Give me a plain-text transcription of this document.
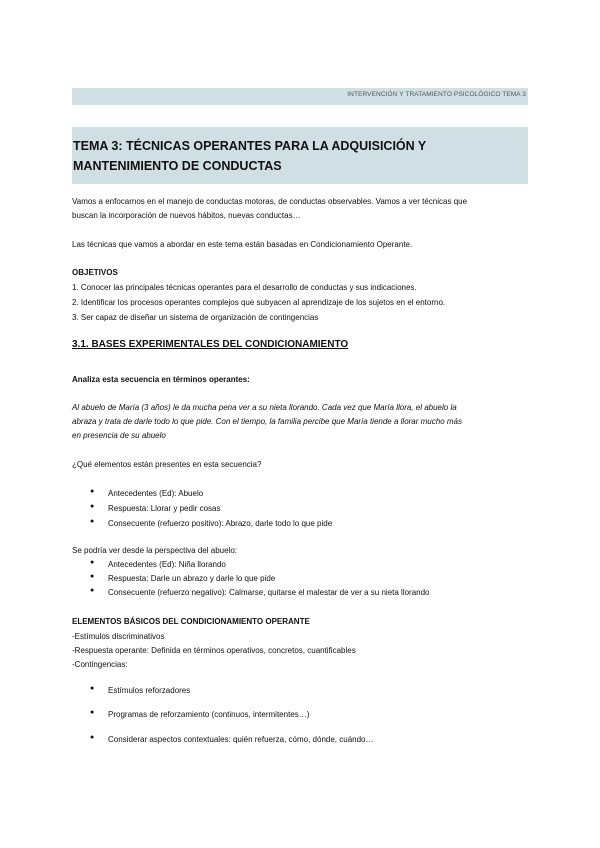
INTERVENCIÓN Y TRATAMIENTO PSICOLÓGICO TEMA 3
TEMA 3: TÉCNICAS OPERANTES PARA LA ADQUISICIÓN Y MANTENIMIENTO DE CONDUCTAS
Vamos a enfocarnos en el manejo de conductas motoras, de conductas observables. Vamos a ver técnicas que
buscan la incorporación de nuevos hábitos, nuevas conductas…
Las técnicas que vamos a abordar en este tema están basadas en Condicionamiento Operante.
OBJETIVOS
1. Conocer las principales técnicas operantes para el desarrollo de conductas y sus indicaciones.
2. Identificar los procesos operantes complejos que subyacen al aprendizaje de los sujetos en el entorno.
3. Ser capaz de diseñar un sistema de organización de contingencias
3.1. BASES EXPERIMENTALES DEL CONDICIONAMIENTO
Analiza esta secuencia en términos operantes:
Al abuelo de María (3 años) le da mucha pena ver a su nieta llorando. Cada vez que María llora, el abuelo la
abraza y trata de darle todo lo que pide. Con el tiempo, la familia percibe que María tiende a llorar mucho más
en presencia de su abuelo
¿Qué elementos están presentes en esta secuencia?
● Antecedentes (Ed): Abuelo
● Respuesta: Llorar y pedir cosas
● Consecuente (refuerzo positivo): Abrazo, darle todo lo que pide
Se podría ver desde la perspectiva del abuelo:
● Antecedentes (Ed): Niña llorando
● Respuesta: Darle un abrazo y darle lo que pide
● Consecuente (refuerzo negativo): Calmarse, quitarse el malestar de ver a su nieta llorando
ELEMENTOS BÁSICOS DEL CONDICIONAMIENTO OPERANTE
-Estímulos discriminativos
-Respuesta operante: Definida en términos operativos, concretos, cuantificables
-Contingencias:
● Estímulos reforzadores
● Programas de reforzamiento (continuos, intermitentes…)
● Considerar aspectos contextuales: quién refuerza, cómo, dónde, cuándo…
